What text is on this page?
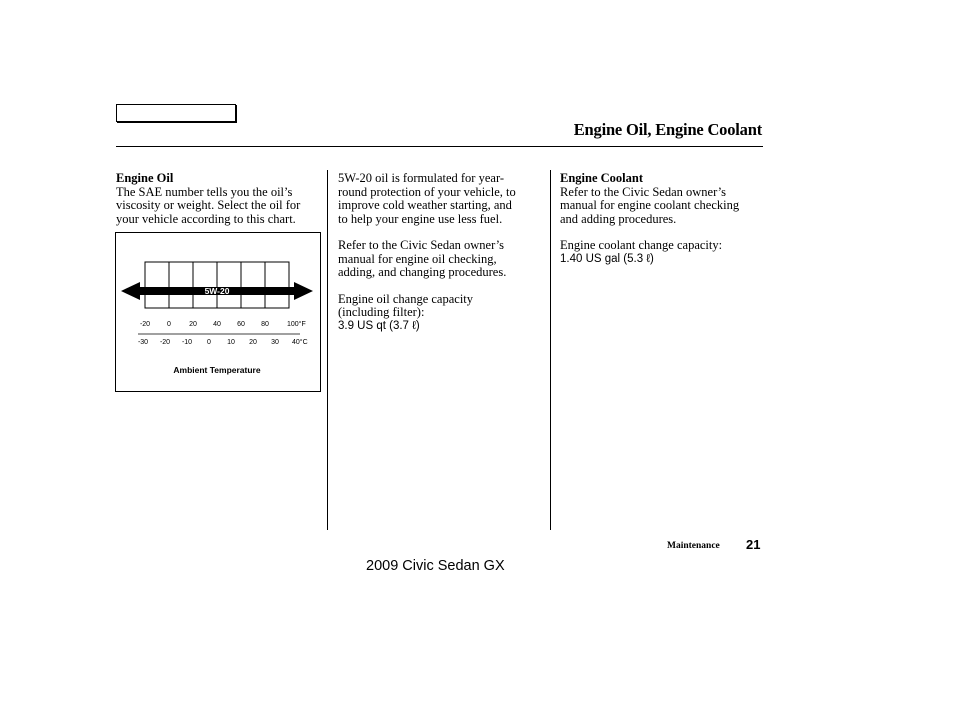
Engine Oil, Engine Coolant

Engine Oil

The SAE number tells you the oil’s

viscosity or weight. Select the oil for

your vehicle according to this chart.

5W-20
-20 0	20 40 60 80	100°F
-30 -20 -10 0 10 20 30 40°C
Ambient Temperature

5W-20 oil is formulated for year-

round protection of your vehicle, to

improve cold weather starting, and

to help your engine use less fuel.

Refer to the Civic Sedan owner’s

manual for engine oil checking,

adding, and changing procedures.

Engine oil change capacity

(including filter):

3.9 US qt (3.7 ℓ)

Engine Coolant

Refer to the Civic Sedan owner’s

manual for engine coolant checking

and adding procedures.

Engine coolant change capacity:

1.40 US gal (5.3 ℓ)

Maintenance 21
2009 Civic Sedan GX
